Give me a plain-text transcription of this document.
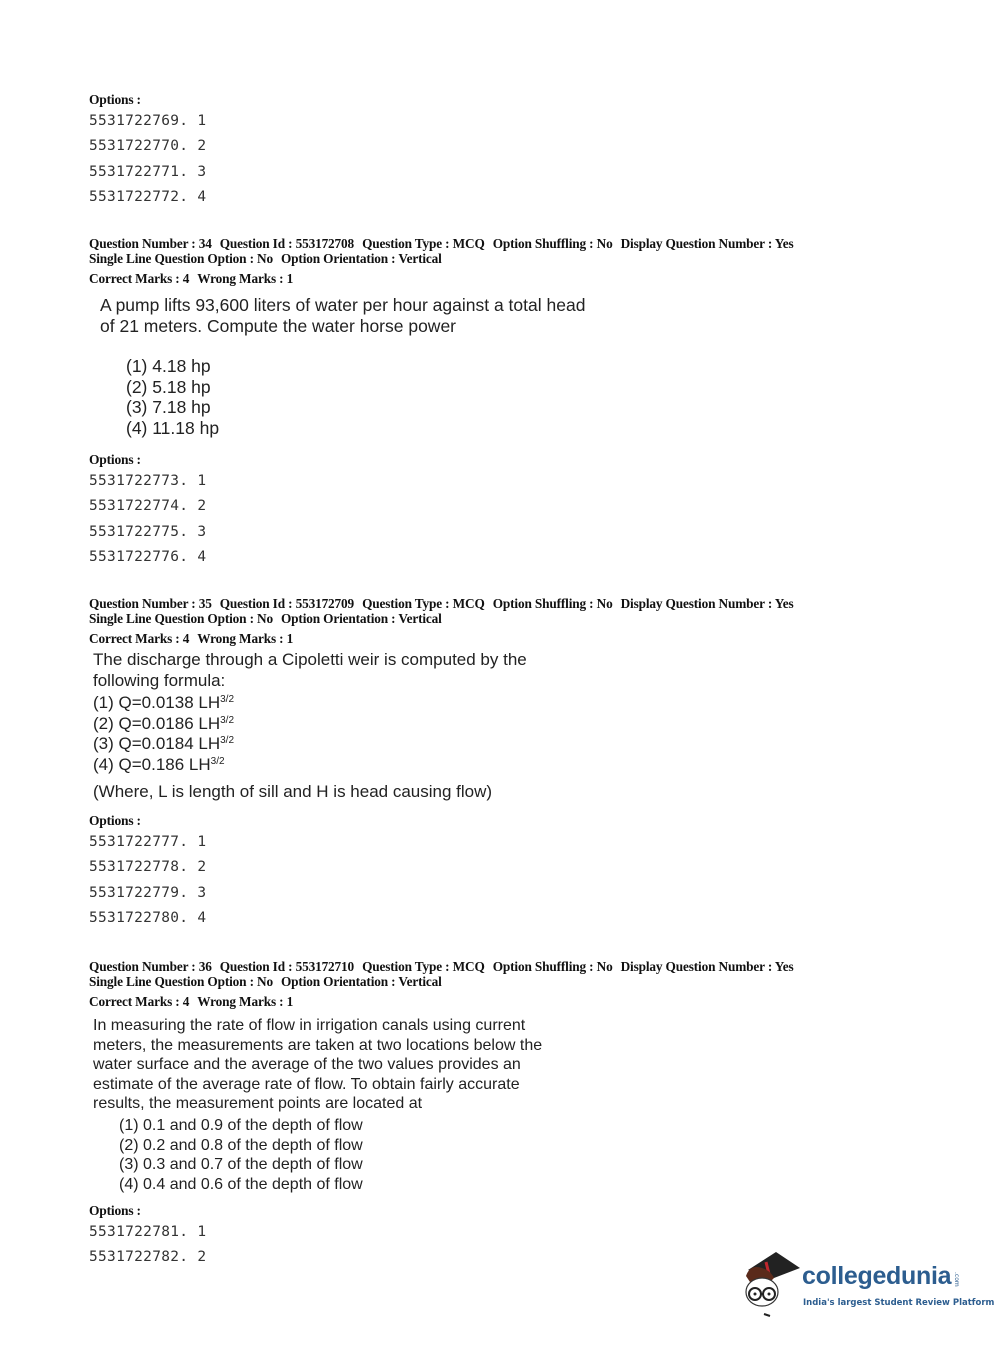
Options :
5531722769. 1
5531722770. 2
5531722771. 3
5531722772. 4
Question Number : 34 Question Id : 553172708 Question Type : MCQ Option Shuffling : No Display Question Number : Yes
Single Line Question Option : No Option Orientation : Vertical
Correct Marks : 4 Wrong Marks : 1
A pump lifts 93,600 liters of water per hour against a total head
of 21 meters. Compute the water horse power
(1) 4.18 hp
(2) 5.18 hp
(3) 7.18 hp
(4) 11.18 hp
Options :
5531722773. 1
5531722774. 2
5531722775. 3
5531722776. 4
Question Number : 35 Question Id : 553172709 Question Type : MCQ Option Shuffling : No Display Question Number : Yes
Single Line Question Option : No Option Orientation : Vertical
Correct Marks : 4 Wrong Marks : 1
The discharge through a Cipoletti weir is computed by the
following formula:
(1) Q=0.0138 $LH^{3/2}$
(2) Q=0.0186 $LH^{3/2}$
(3) Q=0.0184 $LH^{3/2}$
(4) Q=0.186 $LH^{3/2}$
(Where, L is length of sill and H is head causing flow)
Options :
5531722777. 1
5531722778. 2
5531722779. 3
5531722780. 4
Question Number : 36 Question Id : 553172710 Question Type : MCQ Option Shuffling : No Display Question Number : Yes
Single Line Question Option : No Option Orientation : Vertical
Correct Marks : 4 Wrong Marks : 1
In measuring the rate of flow in irrigation canals using current
meters, the measurements are taken at two locations below the
water surface and the average of the two values provides an
estimate of the average rate of flow. To obtain fairly accurate
results, the measurement points are located at
(1) 0.1 and 0.9 of the depth of flow
(2) 0.2 and 0.8 of the depth of flow
(3) 0.3 and 0.7 of the depth of flow
(4) 0.4 and 0.6 of the depth of flow
Options :
5531722781. 1
5531722782. 2
collegedunia .com
India's largest Student Review Platform
